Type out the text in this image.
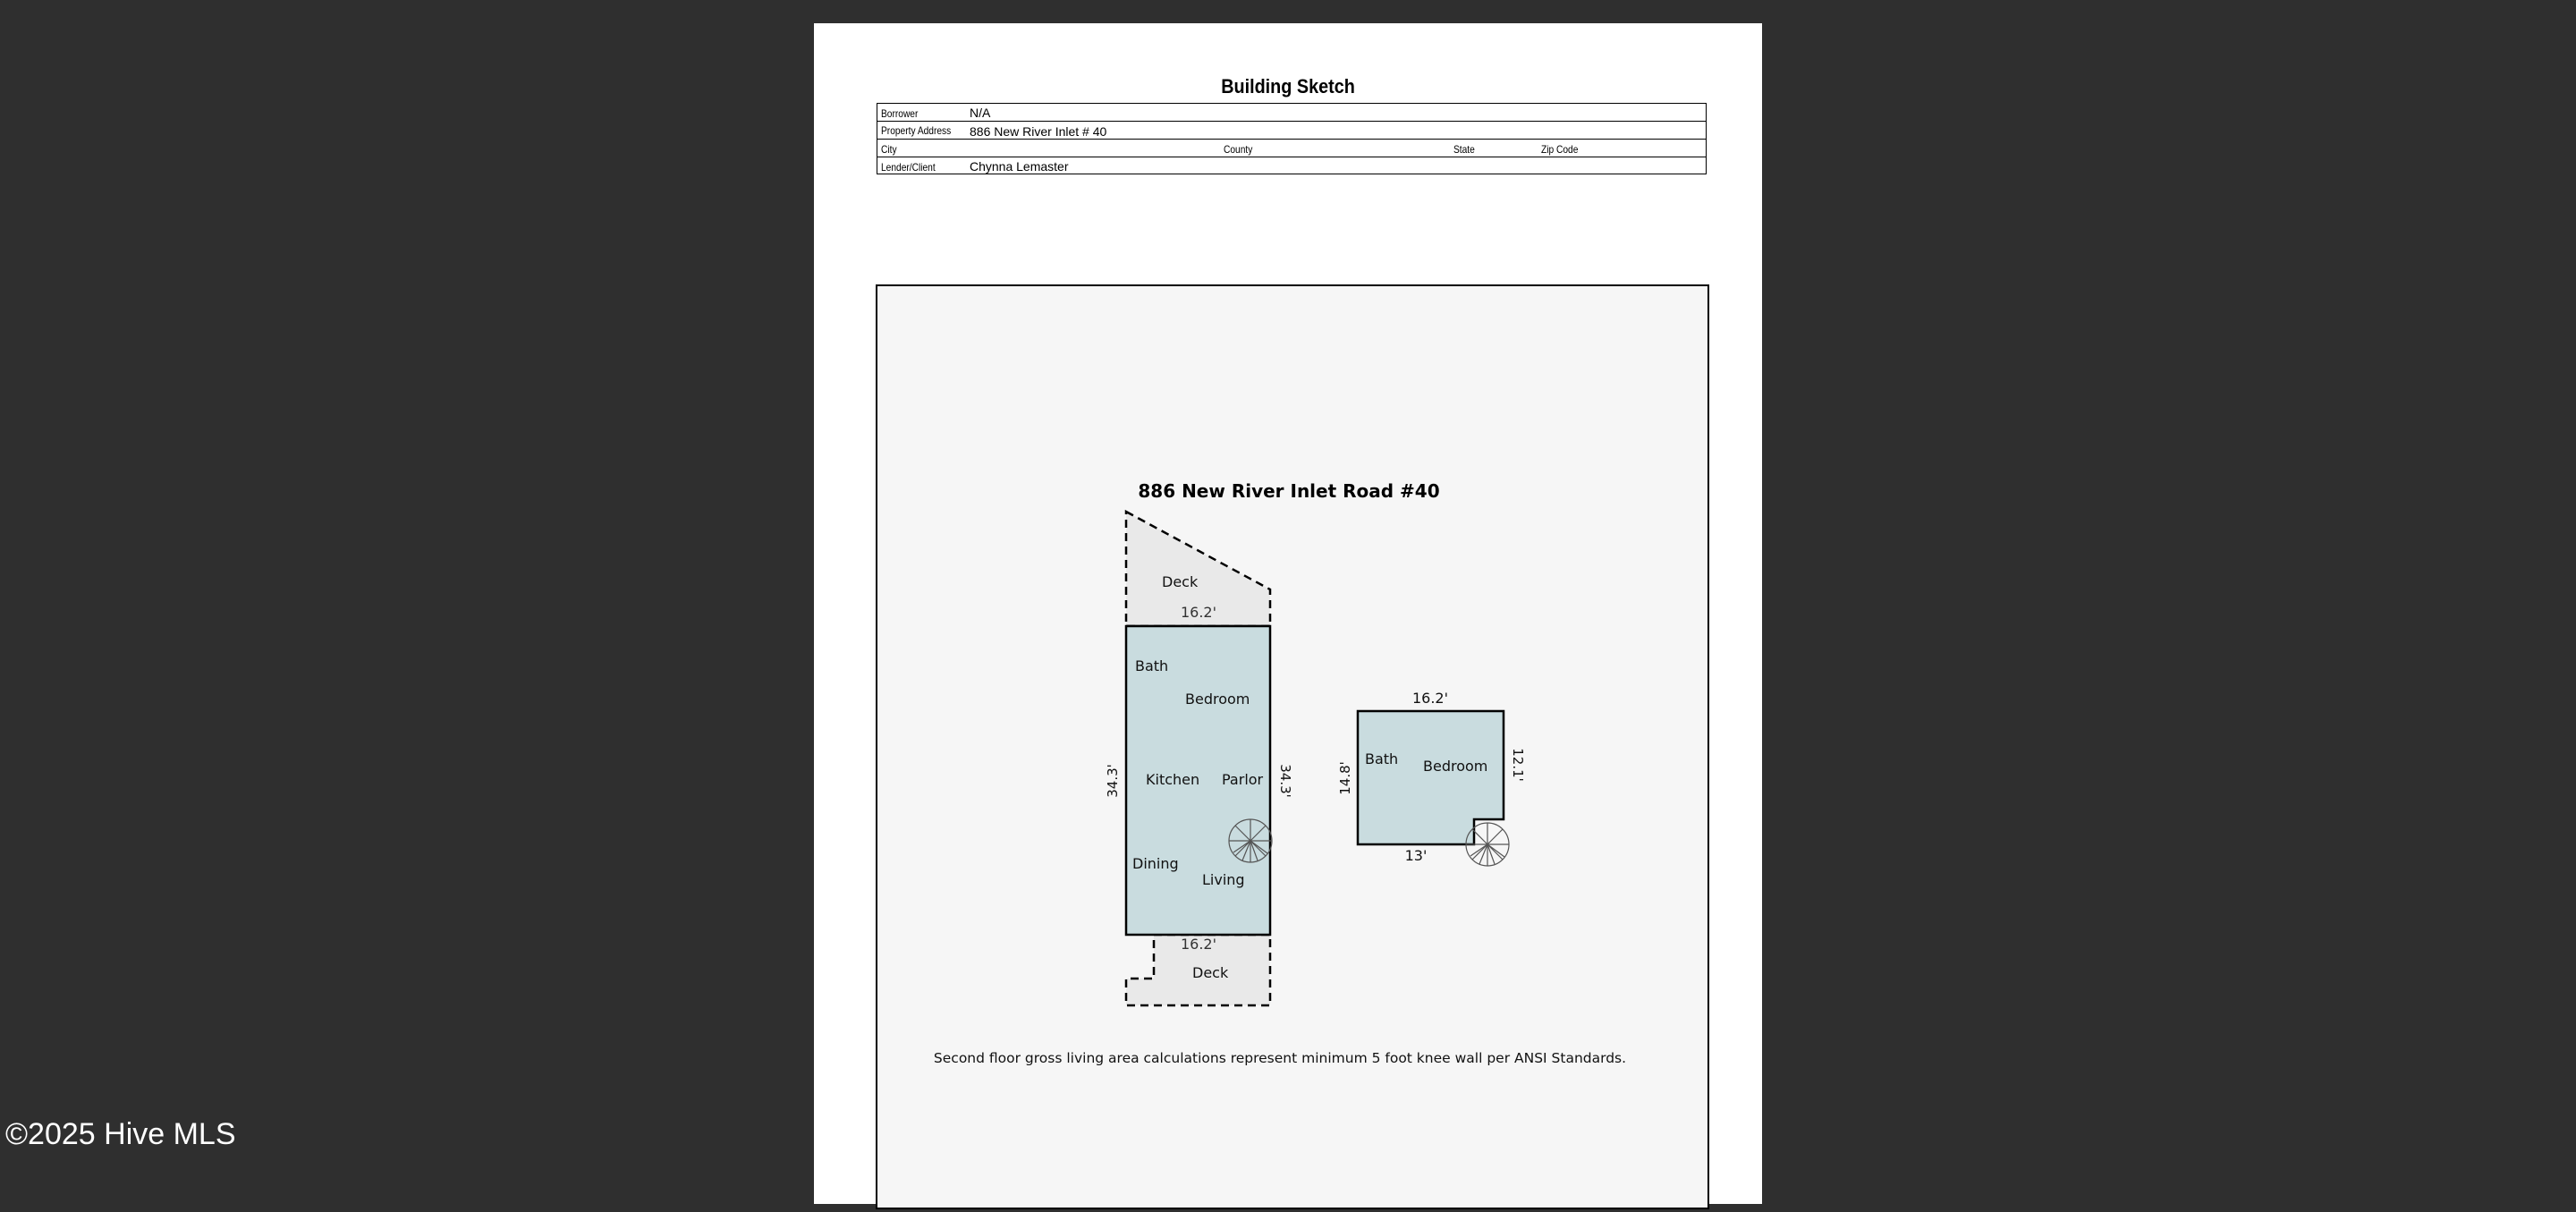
Building Sketch
Borrower	N/A
Property Address 886 New River Inlet # 40
City	County	State	Zip Code
Lender/Client	Chynna Lemaster
886 New River Inlet Road #40
Deck
16.2'
Bath
Bedroom
Kitchen Parlor
Dining
Living
34.3'	34.3'
16.2'
Deck
16.2'
14.8'	12.1'
13'
Bath Bedroom
Second floor gross living area calculations represent minimum 5 foot knee wall per ANSI Standards.
©2025 Hive MLS
